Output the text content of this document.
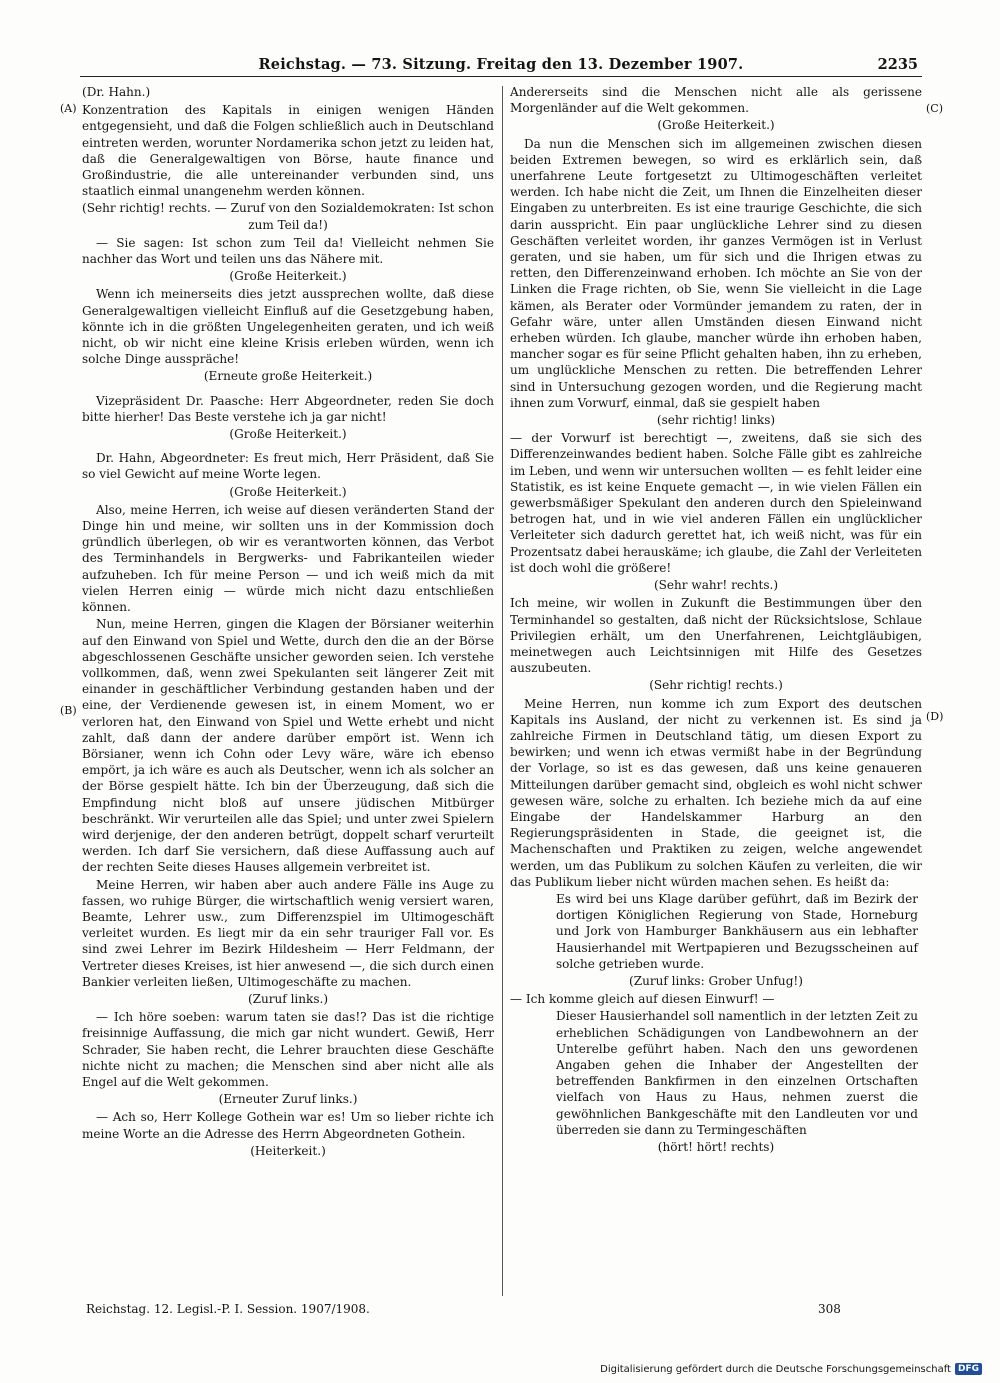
Reichstag. — 73. Sitzung. Freitag den 13. Dezember 1907.	2235
(A)
(B)
(C)
(D)

(Dr. Hahn.)

Konzentration des Kapitals in einigen wenigen Händen entgegensieht, und daß die Folgen schließlich auch in Deutschland eintreten werden, worunter Nordamerika schon jetzt zu leiden hat, daß die Generalgewaltigen von Börse, haute finance und Großindustrie, die alle untereinander verbunden sind, uns staatlich einmal unangenehm werden können.

(Sehr richtig! rechts. — Zuruf von den Sozialdemokraten: Ist schon zum Teil da!)

— Sie sagen: Ist schon zum Teil da! Vielleicht nehmen Sie nachher das Wort und teilen uns das Nähere mit.

(Große Heiterkeit.)

Wenn ich meinerseits dies jetzt aussprechen wollte, daß diese Generalgewaltigen vielleicht Einfluß auf die Gesetzgebung haben, könnte ich in die größten Ungelegenheiten geraten, und ich weiß nicht, ob wir nicht eine kleine Krisis erleben würden, wenn ich solche Dinge ausspräche!

(Erneute große Heiterkeit.)

Vizepräsident Dr. Paasche: Herr Abgeordneter, reden Sie doch bitte hierher! Das Beste verstehe ich ja gar nicht!

(Große Heiterkeit.)

Dr. Hahn, Abgeordneter: Es freut mich, Herr Präsident, daß Sie so viel Gewicht auf meine Worte legen.

(Große Heiterkeit.)

Also, meine Herren, ich weise auf diesen veränderten Stand der Dinge hin und meine, wir sollten uns in der Kommission doch gründlich überlegen, ob wir es verantworten können, das Verbot des Terminhandels in Bergwerks- und Fabrikanteilen wieder aufzuheben. Ich für meine Person — und ich weiß mich da mit vielen Herren einig — würde mich nicht dazu entschließen können.

Nun, meine Herren, gingen die Klagen der Börsianer weiterhin auf den Einwand von Spiel und Wette, durch den die an der Börse abgeschlossenen Geschäfte unsicher geworden seien. Ich verstehe vollkommen, daß, wenn zwei Spekulanten seit längerer Zeit mit einander in geschäftlicher Verbindung gestanden haben und der eine, der Verdienende gewesen ist, in einem Moment, wo er verloren hat, den Einwand von Spiel und Wette erhebt und nicht zahlt, daß dann der andere darüber empört ist. Wenn ich Börsianer, wenn ich Cohn oder Levy wäre, wäre ich ebenso empört, ja ich wäre es auch als Deutscher, wenn ich als solcher an der Börse gespielt hätte. Ich bin der Überzeugung, daß sich die Empfindung nicht bloß auf unsere jüdischen Mitbürger beschränkt. Wir verurteilen alle das Spiel; und unter zwei Spielern wird derjenige, der den anderen betrügt, doppelt scharf verurteilt werden. Ich darf Sie versichern, daß diese Auffassung auch auf der rechten Seite dieses Hauses allgemein verbreitet ist.

Meine Herren, wir haben aber auch andere Fälle ins Auge zu fassen, wo ruhige Bürger, die wirtschaftlich wenig versiert waren, Beamte, Lehrer usw., zum Differenzspiel im Ultimogeschäft verleitet wurden. Es liegt mir da ein sehr trauriger Fall vor. Es sind zwei Lehrer im Bezirk Hildesheim — Herr Feldmann, der Vertreter dieses Kreises, ist hier anwesend —, die sich durch einen Bankier verleiten ließen, Ultimogeschäfte zu machen.

(Zuruf links.)

— Ich höre soeben: warum taten sie das!? Das ist die richtige freisinnige Auffassung, die mich gar nicht wundert. Gewiß, Herr Schrader, Sie haben recht, die Lehrer brauchten diese Geschäfte nichte nicht zu machen; die Menschen sind aber nicht alle als Engel auf die Welt gekommen.

(Erneuter Zuruf links.)

— Ach so, Herr Kollege Gothein war es! Um so lieber richte ich meine Worte an die Adresse des Herrn Abgeordneten Gothein.

(Heiterkeit.)

Andererseits sind die Menschen nicht alle als gerissene Morgenländer auf die Welt gekommen.

(Große Heiterkeit.)

Da nun die Menschen sich im allgemeinen zwischen diesen beiden Extremen bewegen, so wird es erklärlich sein, daß unerfahrene Leute fortgesetzt zu Ultimogeschäften verleitet werden. Ich habe nicht die Zeit, um Ihnen die Einzelheiten dieser Eingaben zu unterbreiten. Es ist eine traurige Geschichte, die sich darin ausspricht. Ein paar unglückliche Lehrer sind zu diesen Geschäften verleitet worden, ihr ganzes Vermögen ist in Verlust geraten, und sie haben, um für sich und die Ihrigen etwas zu retten, den Differenzeinwand erhoben. Ich möchte an Sie von der Linken die Frage richten, ob Sie, wenn Sie vielleicht in die Lage kämen, als Berater oder Vormünder jemandem zu raten, der in Gefahr wäre, unter allen Umständen diesen Einwand nicht erheben würden. Ich glaube, mancher würde ihn erhoben haben, mancher sogar es für seine Pflicht gehalten haben, ihn zu erheben, um unglückliche Menschen zu retten. Die betreffenden Lehrer sind in Untersuchung gezogen worden, und die Regierung macht ihnen zum Vorwurf, einmal, daß sie gespielt haben

(sehr richtig! links)

— der Vorwurf ist berechtigt —, zweitens, daß sie sich des Differenzeinwandes bedient haben. Solche Fälle gibt es zahlreiche im Leben, und wenn wir untersuchen wollten — es fehlt leider eine Statistik, es ist keine Enquete gemacht —, in wie vielen Fällen ein gewerbsmäßiger Spekulant den anderen durch den Spieleinwand betrogen hat, und in wie viel anderen Fällen ein unglücklicher Verleiteter sich dadurch gerettet hat, ich weiß nicht, was für ein Prozentsatz dabei herauskäme; ich glaube, die Zahl der Verleiteten ist doch wohl die größere!

(Sehr wahr! rechts.)

Ich meine, wir wollen in Zukunft die Bestimmungen über den Terminhandel so gestalten, daß nicht der Rücksichtslose, Schlaue Privilegien erhält, um den Unerfahrenen, Leichtgläubigen, meinetwegen auch Leichtsinnigen mit Hilfe des Gesetzes auszubeuten.

(Sehr richtig! rechts.)

Meine Herren, nun komme ich zum Export des deutschen Kapitals ins Ausland, der nicht zu verkennen ist. Es sind ja zahlreiche Firmen in Deutschland tätig, um diesen Export zu bewirken; und wenn ich etwas vermißt habe in der Begründung der Vorlage, so ist es das gewesen, daß uns keine genaueren Mitteilungen darüber gemacht sind, obgleich es wohl nicht schwer gewesen wäre, solche zu erhalten. Ich beziehe mich da auf eine Eingabe der Handelskammer Harburg an den Regierungspräsidenten in Stade, die geeignet ist, die Machenschaften und Praktiken zu zeigen, welche angewendet werden, um das Publikum zu solchen Käufen zu verleiten, die wir das Publikum lieber nicht würden machen sehen. Es heißt da:

Es wird bei uns Klage darüber geführt, daß im Bezirk der dortigen Königlichen Regierung von Stade, Horneburg und Jork von Hamburger Bankhäusern aus ein lebhafter Hausierhandel mit Wertpapieren und Bezugsscheinen auf solche getrieben wurde.

(Zuruf links: Grober Unfug!)

— Ich komme gleich auf diesen Einwurf! —

Dieser Hausierhandel soll namentlich in der letzten Zeit zu erheblichen Schädigungen von Landbewohnern an der Unterelbe geführt haben. Nach den uns gewordenen Angaben gehen die Inhaber der Angestellten der betreffenden Bankfirmen in den einzelnen Ortschaften vielfach von Haus zu Haus, nehmen zuerst die gewöhnlichen Bankgeschäfte mit den Landleuten vor und überreden sie dann zu Termingeschäften

(hört! hört! rechts)

Reichstag. 12. Legisl.-P. I. Session. 1907/1908.	308
Digitalisierung gefördert durch die Deutsche Forschungsgemeinschaft DFG
